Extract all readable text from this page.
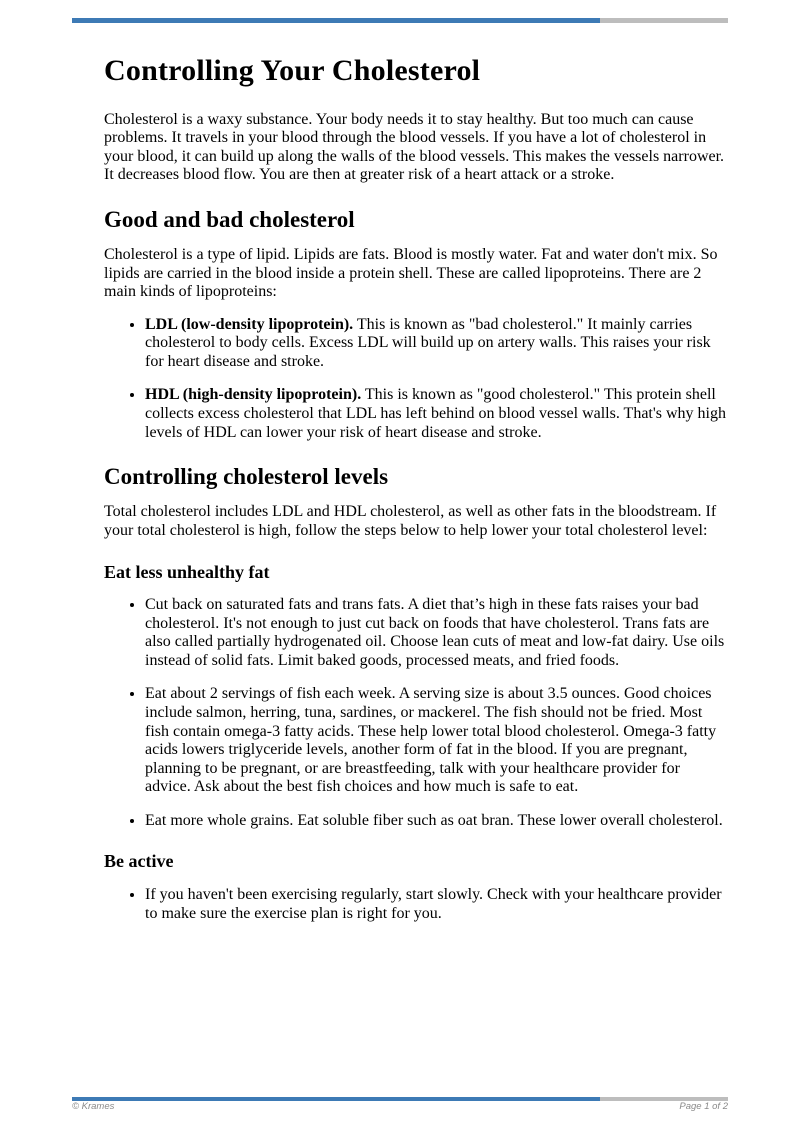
Controlling Your Cholesterol

Cholesterol is a waxy substance. Your body needs it to stay healthy. But too much can cause problems. It travels in your blood through the blood vessels. If you have a lot of cholesterol in your blood, it can build up along the walls of the blood vessels. This makes the vessels narrower. It decreases blood flow. You are then at greater risk of a heart attack or a stroke.

Good and bad cholesterol

Cholesterol is a type of lipid. Lipids are fats. Blood is mostly water. Fat and water don't mix. So lipids are carried in the blood inside a protein shell. These are called lipoproteins. There are 2 main kinds of lipoproteins:

• LDL (low-density lipoprotein). This is known as "bad cholesterol." It mainly carries cholesterol to body cells. Excess LDL will build up on artery walls. This raises your risk for heart disease and stroke.
• HDL (high-density lipoprotein). This is known as "good cholesterol." This protein shell collects excess cholesterol that LDL has left behind on blood vessel walls. That's why high levels of HDL can lower your risk of heart disease and stroke.
Controlling cholesterol levels

Total cholesterol includes LDL and HDL cholesterol, as well as other fats in the bloodstream. If your total cholesterol is high, follow the steps below to help lower your total cholesterol level:

Eat less unhealthy fat
• Cut back on saturated fats and trans fats. A diet that’s high in these fats raises your bad cholesterol. It's not enough to just cut back on foods that have cholesterol. Trans fats are also called partially hydrogenated oil. Choose lean cuts of meat and low-fat dairy. Use oils instead of solid fats. Limit baked goods, processed meats, and fried foods.
• Eat about 2 servings of fish each week. A serving size is about 3.5 ounces. Good choices include salmon, herring, tuna, sardines, or mackerel. The fish should not be fried. Most fish contain omega-3 fatty acids. These help lower total blood cholesterol. Omega-3 fatty acids lowers triglyceride levels, another form of fat in the blood. If you are pregnant, planning to be pregnant, or are breastfeeding, talk with your healthcare provider for advice. Ask about the best fish choices and how much is safe to eat.
• Eat more whole grains. Eat soluble fiber such as oat bran. These lower overall cholesterol.
Be active
• If you haven't been exercising regularly, start slowly. Check with your healthcare provider to make sure the exercise plan is right for you.
© Krames	Page 1 of 2
